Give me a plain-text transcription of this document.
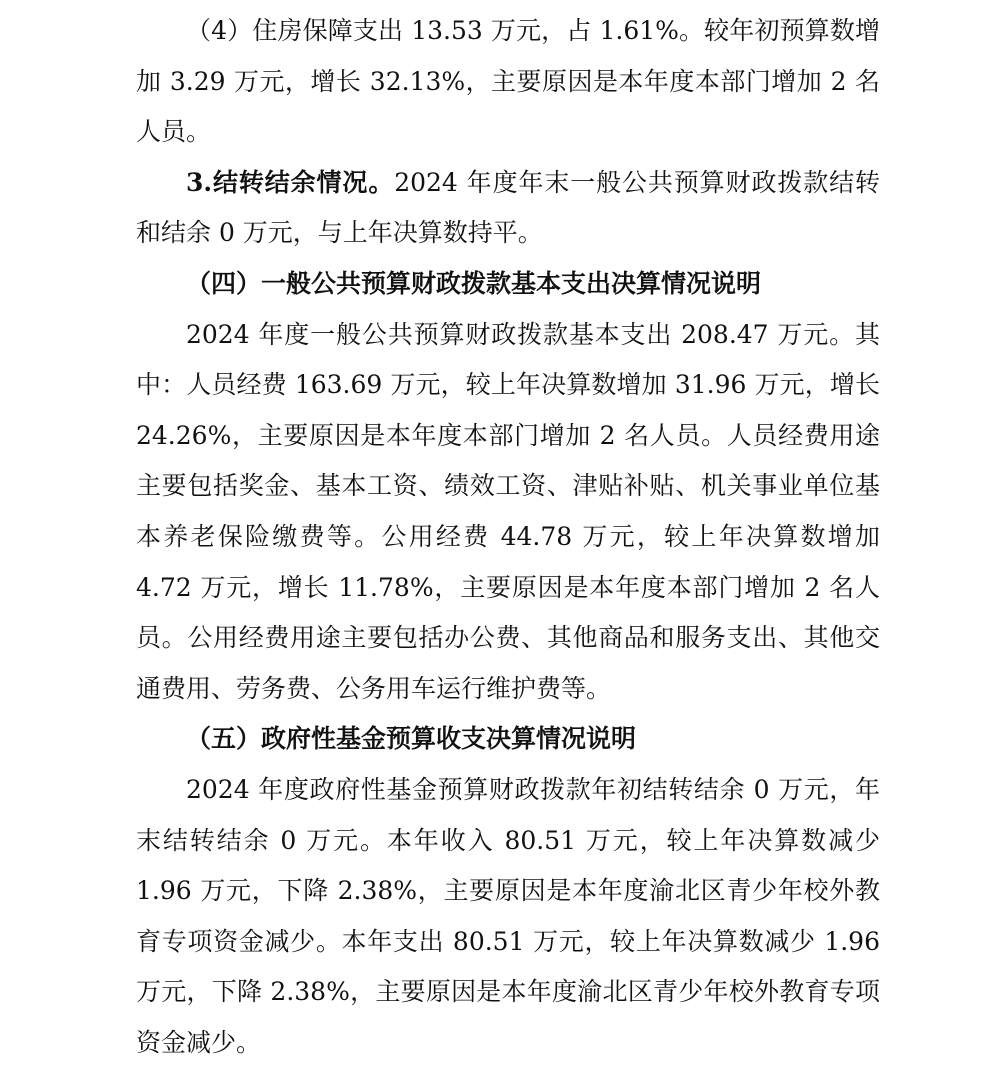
（4）住房保障支出 13.53 万元，占 1.61%。较年初预算数增加 3.29 万元，增长 32.13%，主要原因是本年度本部门增加 2 名人员。

3.结转结余情况。2024 年度年末一般公共预算财政拨款结转和结余 0 万元，与上年决算数持平。

（四）一般公共预算财政拨款基本支出决算情况说明

2024 年度一般公共预算财政拨款基本支出 208.47 万元。其中：人员经费 163.69 万元，较上年决算数增加 31.96 万元，增长 24.26%，主要原因是本年度本部门增加 2 名人员。人员经费用途主要包括奖金、基本工资、绩效工资、津贴补贴、机关事业单位基本养老保险缴费等。公用经费 44.78 万元，较上年决算数增加 4.72 万元，增长 11.78%，主要原因是本年度本部门增加 2 名人员。公用经费用途主要包括办公费、其他商品和服务支出、其他交通费用、劳务费、公务用车运行维护费等。

（五）政府性基金预算收支决算情况说明

2024 年度政府性基金预算财政拨款年初结转结余 0 万元，年末结转结余 0 万元。本年收入 80.51 万元，较上年决算数减少 1.96 万元，下降 2.38%，主要原因是本年度渝北区青少年校外教育专项资金减少。本年支出 80.51 万元，较上年决算数减少 1.96 万元，下降 2.38%，主要原因是本年度渝北区青少年校外教育专项资金减少。
